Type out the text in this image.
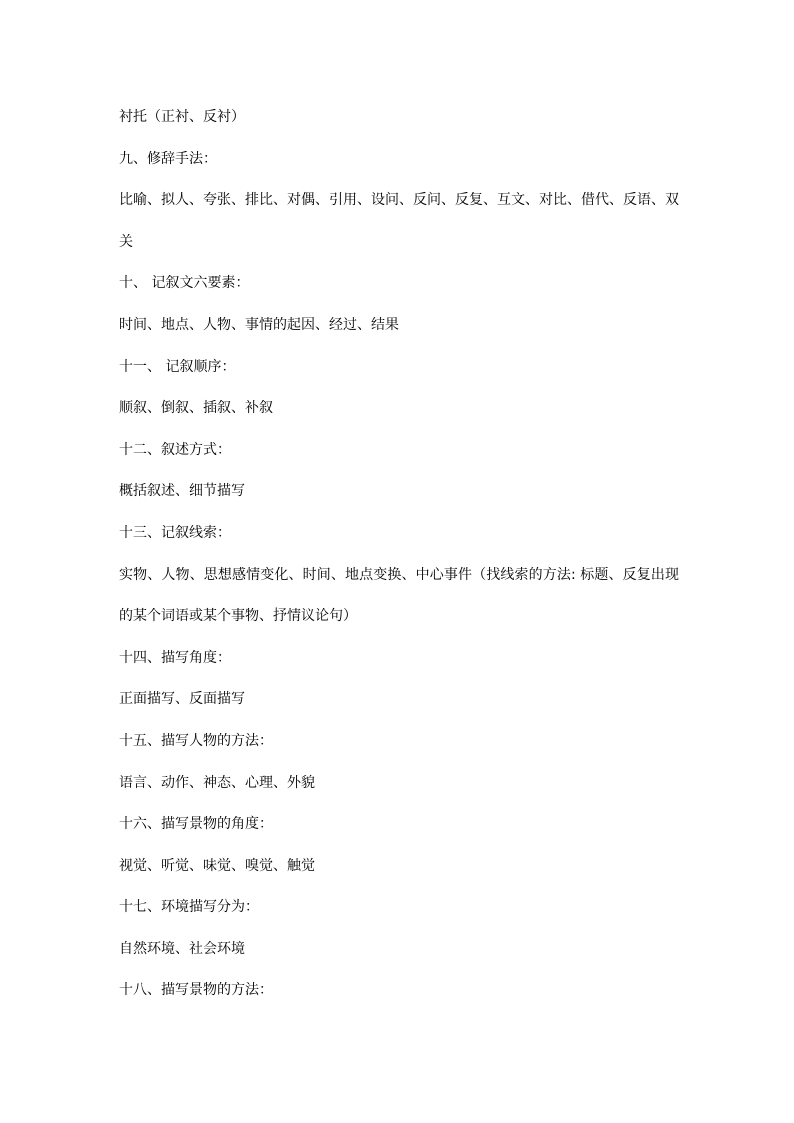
衬托（正衬、反衬）
九、修辞手法：
比喻、拟人、夸张、排比、对偶、引用、设问、反问、反复、互文、对比、借代、反语、双
关
十、 记叙文六要素：
时间、地点、人物、事情的起因、经过、结果
十一、 记叙顺序：
顺叙、倒叙、插叙、补叙
十二、叙述方式：
概括叙述、细节描写
十三、记叙线索：
实物、人物、思想感情变化、时间、地点变换、中心事件（找线索的方法: 标题、反复出现
的某个词语或某个事物、抒情议论句）
十四、描写角度：
正面描写、反面描写
十五、描写人物的方法：
语言、动作、神态、心理、外貌
十六、描写景物的角度：
视觉、听觉、味觉、嗅觉、触觉
十七、环境描写分为：
自然环境、社会环境
十八、描写景物的方法：
